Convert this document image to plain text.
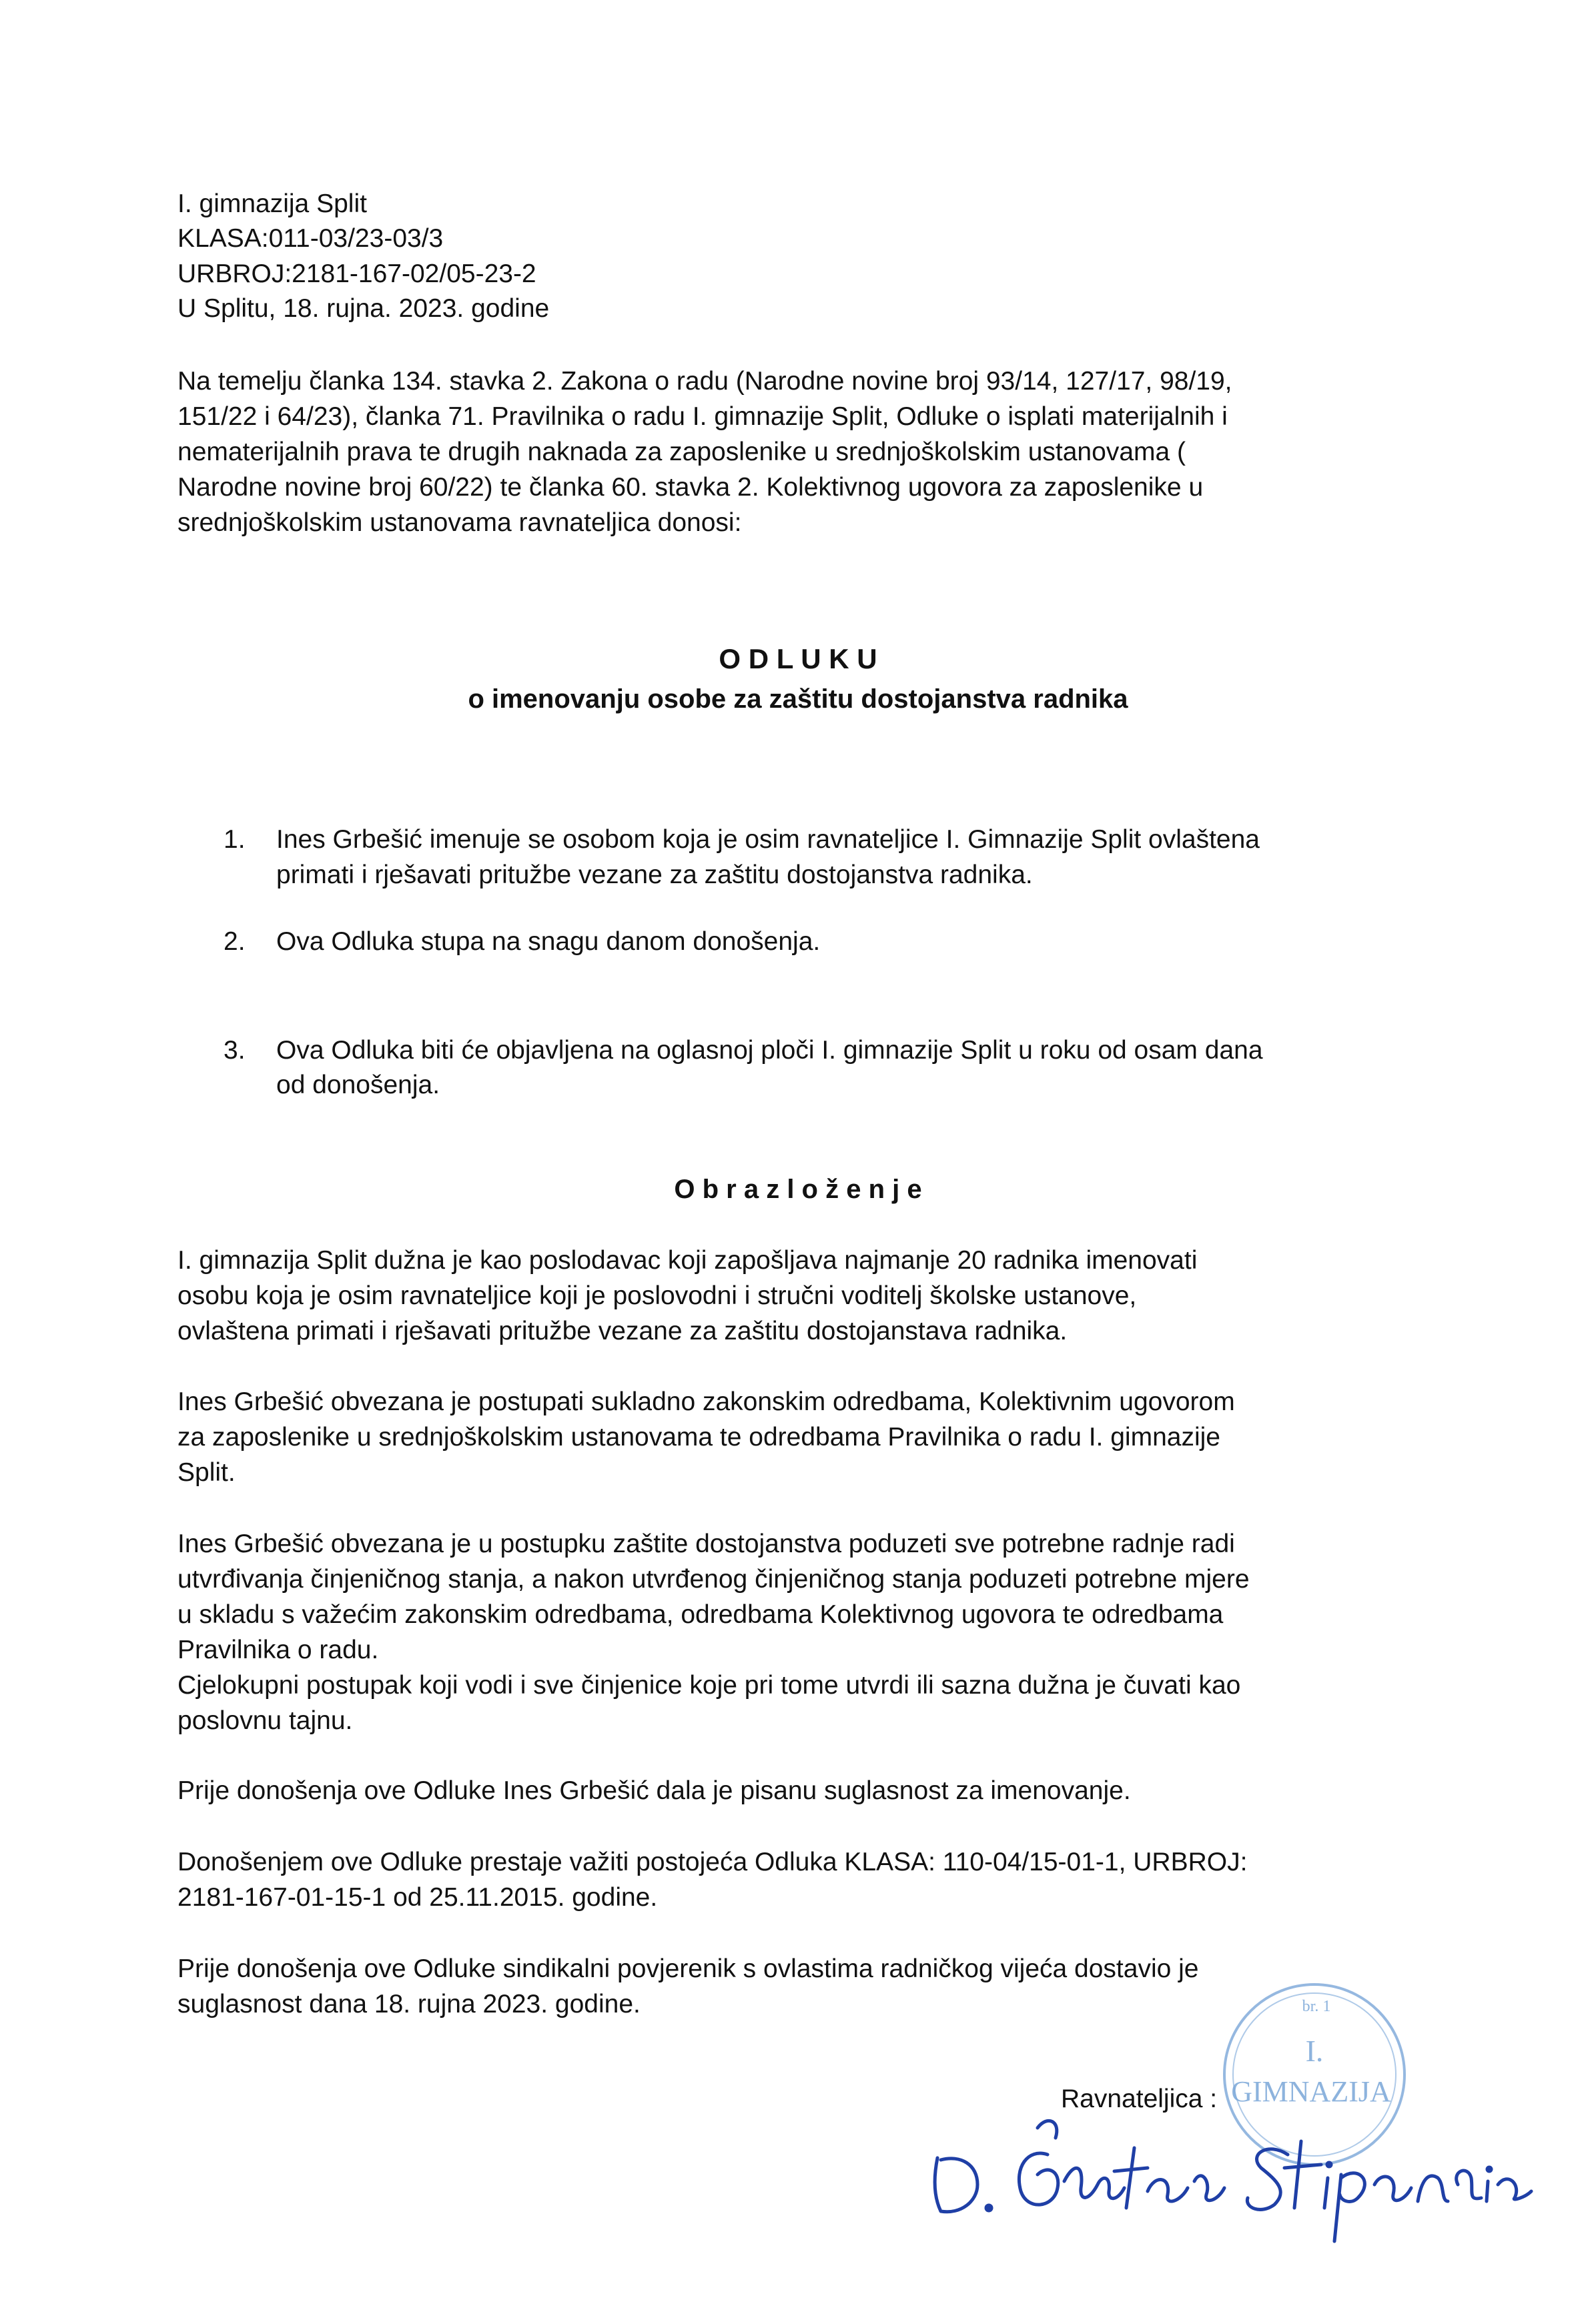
I. gimnazija Split
KLASA:011-03/23-03/3
URBROJ:2181-167-02/05-23-2
U Splitu, 18. rujna. 2023. godine
Na temelju članka 134. stavka 2. Zakona o radu (Narodne novine broj 93/14, 127/17, 98/19,
151/22 i 64/23), članka 71. Pravilnika o radu I. gimnazije Split, Odluke o isplati materijalnih i
nematerijalnih prava te drugih naknada za zaposlenike u srednjoškolskim ustanovama (
Narodne novine broj 60/22) te članka 60. stavka 2. Kolektivnog ugovora za zaposlenike u
srednjoškolskim ustanovama ravnateljica donosi:
O D L U K U
o imenovanju osobe za zaštitu dostojanstva radnika
1. Ines Grbešić imenuje se osobom koja je osim ravnateljice I. Gimnazije Split ovlaštena
primati i rješavati pritužbe vezane za zaštitu dostojanstva radnika.
2. Ova Odluka stupa na snagu danom donošenja.
3. Ova Odluka biti će objavljena na oglasnoj ploči I. gimnazije Split u roku od osam dana
od donošenja.
O b r a z l o ž e n j e
I. gimnazija Split dužna je kao poslodavac koji zapošljava najmanje 20 radnika imenovati
osobu koja je osim ravnateljice koji je poslovodni i stručni voditelj školske ustanove,
ovlaštena primati i rješavati pritužbe vezane za zaštitu dostojanstava radnika.
Ines Grbešić obvezana je postupati sukladno zakonskim odredbama, Kolektivnim ugovorom
za zaposlenike u srednjoškolskim ustanovama te odredbama Pravilnika o radu I. gimnazije
Split.
Ines Grbešić obvezana je u postupku zaštite dostojanstva poduzeti sve potrebne radnje radi
utvrđivanja činjeničnog stanja, a nakon utvrđenog činjeničnog stanja poduzeti potrebne mjere
u skladu s važećim zakonskim odredbama, odredbama Kolektivnog ugovora te odredbama
Pravilnika o radu.
Cjelokupni postupak koji vodi i sve činjenice koje pri tome utvrdi ili sazna dužna je čuvati kao
poslovnu tajnu.
Prije donošenja ove Odluke Ines Grbešić dala je pisanu suglasnost za imenovanje.
Donošenjem ove Odluke prestaje važiti postojeća Odluka KLASA: 110-04/15-01-1, URBROJ:
2181-167-01-15-1 od 25.11.2015. godine.
Prije donošenja ove Odluke sindikalni povjerenik s ovlastima radničkog vijeća dostavio je
suglasnost dana 18. rujna 2023. godine.	br. 1
I.
GIMNAZIJA
Ravnateljica :
